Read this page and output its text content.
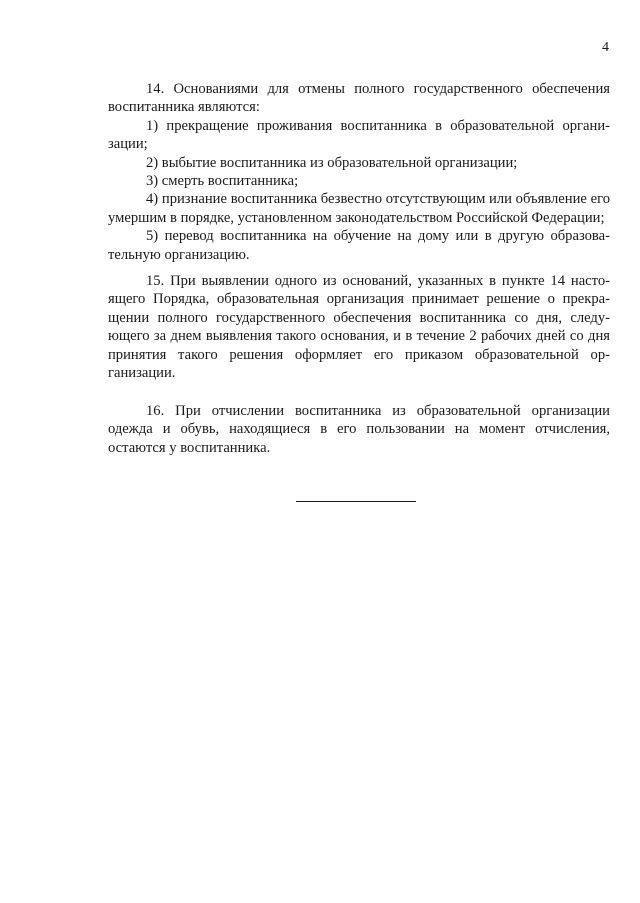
4

14. Основаниями для отмены полного государственного обеспечения воспитанника являются:

1) прекращение проживания воспитанника в образовательной организации;

2) выбытие воспитанника из образовательной организации;

3) смерть воспитанника;

4) признание воспитанника безвестно отсутствующим или объявление его умершим в порядке, установленном законодательством Российской Федерации;

5) перевод воспитанника на обучение на дому или в другую образовательную организацию.

15. При выявлении одного из оснований, указанных в пункте 14 настоящего Порядка, образовательная организация принимает решение о прекращении полного государственного обеспечения воспитанника со дня, следующего за днем выявления такого основания, и в течение 2 рабочих дней со дня принятия такого решения оформляет его приказом образовательной организации.

16. При отчислении воспитанника из образовательной организации одежда и обувь, находящиеся в его пользовании на момент отчисления, остаются у воспитанника.
